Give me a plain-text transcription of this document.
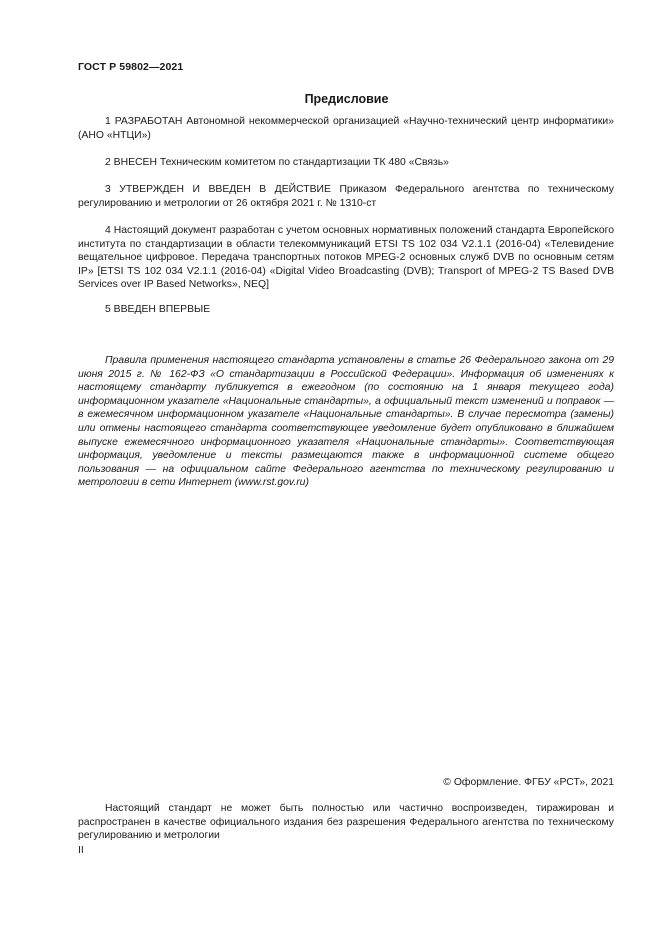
ГОСТ Р 59802—2021
Предисловие

1 РАЗРАБОТАН Автономной некоммерческой организацией «Научно-технический центр информатики» (АНО «НТЦИ»)

2 ВНЕСЕН Техническим комитетом по стандартизации ТК 480 «Связь»

3 УТВЕРЖДЕН И ВВЕДЕН В ДЕЙСТВИЕ Приказом Федерального агентства по техническому регулированию и метрологии от 26 октября 2021 г. № 1310-ст

4 Настоящий документ разработан с учетом основных нормативных положений стандарта Европейского института по стандартизации в области телекоммуникаций ETSI TS 102 034 V2.1.1 (2016-04) «Телевидение вещательное цифровое. Передача транспортных потоков MPEG-2 основных служб DVB по основным сетям IP» [ETSI TS 102 034 V2.1.1 (2016-04) «Digital Video Broadcasting (DVB); Transport of MPEG-2 TS Based DVB Services over IP Based Networks», NEQ]

5 ВВЕДЕН ВПЕРВЫЕ

Правила применения настоящего стандарта установлены в статье 26 Федерального закона от 29 июня 2015 г. № 162-ФЗ «О стандартизации в Российской Федерации». Информация об изменениях к настоящему стандарту публикуется в ежегодном (по состоянию на 1 января текущего года) информационном указателе «Национальные стандарты», а официальный текст изменений и поправок — в ежемесячном информационном указателе «Национальные стандарты». В случае пересмотра (замены) или отмены настоящего стандарта соответствующее уведомление будет опубликовано в ближайшем выпуске ежемесячного информационного указателя «Национальные стандарты». Соответствующая информация, уведомление и тексты размещаются также в информационной системе общего пользования — на официальном сайте Федерального агентства по техническому регулированию и метрологии в сети Интернет (www.rst.gov.ru)

© Оформление. ФГБУ «РСТ», 2021

Настоящий стандарт не может быть полностью или частично воспроизведен, тиражирован и распространен в качестве официального издания без разрешения Федерального агентства по техническому регулированию и метрологии

II
